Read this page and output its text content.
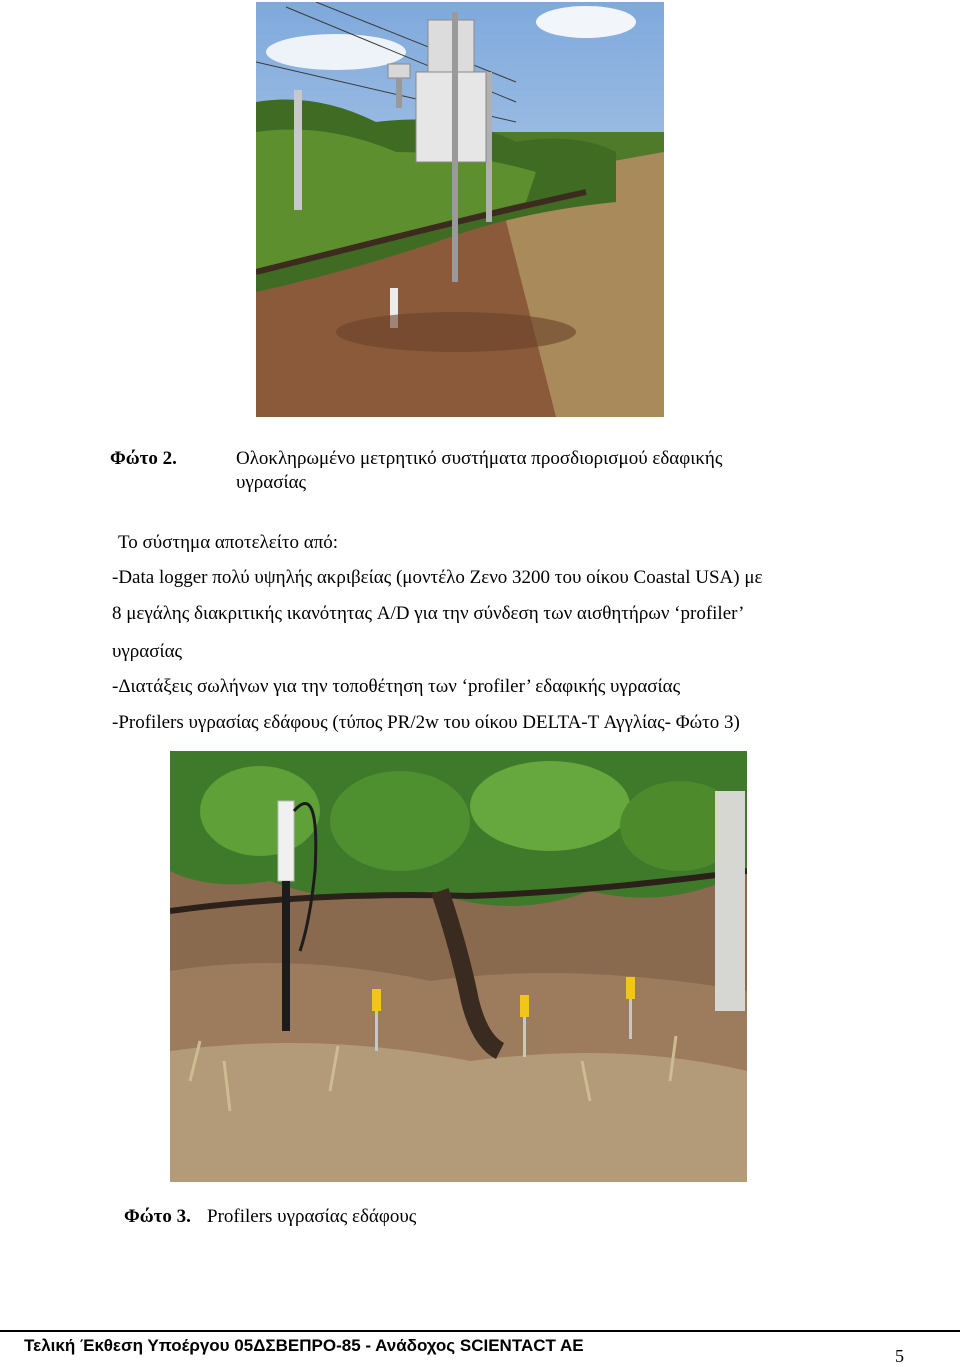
Φώτο 2.	Ολοκληρωμένο μετρητικό συστήματα προσδιορισμού εδαφικής
υγρασίας
Το σύστημα αποτελείτο από:
-Data logger πολύ υψηλής ακριβείας (μοντέλο Ζενο 3200 του οίκου Coastal USA) με
8 μεγάλης διακριτικής ικανότητας A/D για την σύνδεση των αισθητήρων ‘profiler’
υγρασίας
-Διατάξεις σωλήνων για την τοποθέτηση των ‘profiler’ εδαφικής υγρασίας
-Profilers υγρασίας εδάφους (τύπος PR/2w του οίκου DELTA-T Αγγλίας- Φώτο 3)
Φώτο 3. Profilers υγρασίας εδάφους
Τελική Έκθεση Υποέργου 05ΔΣΒΕΠΡΟ-85 - Ανάδοχος SCIENTACT AE
5
